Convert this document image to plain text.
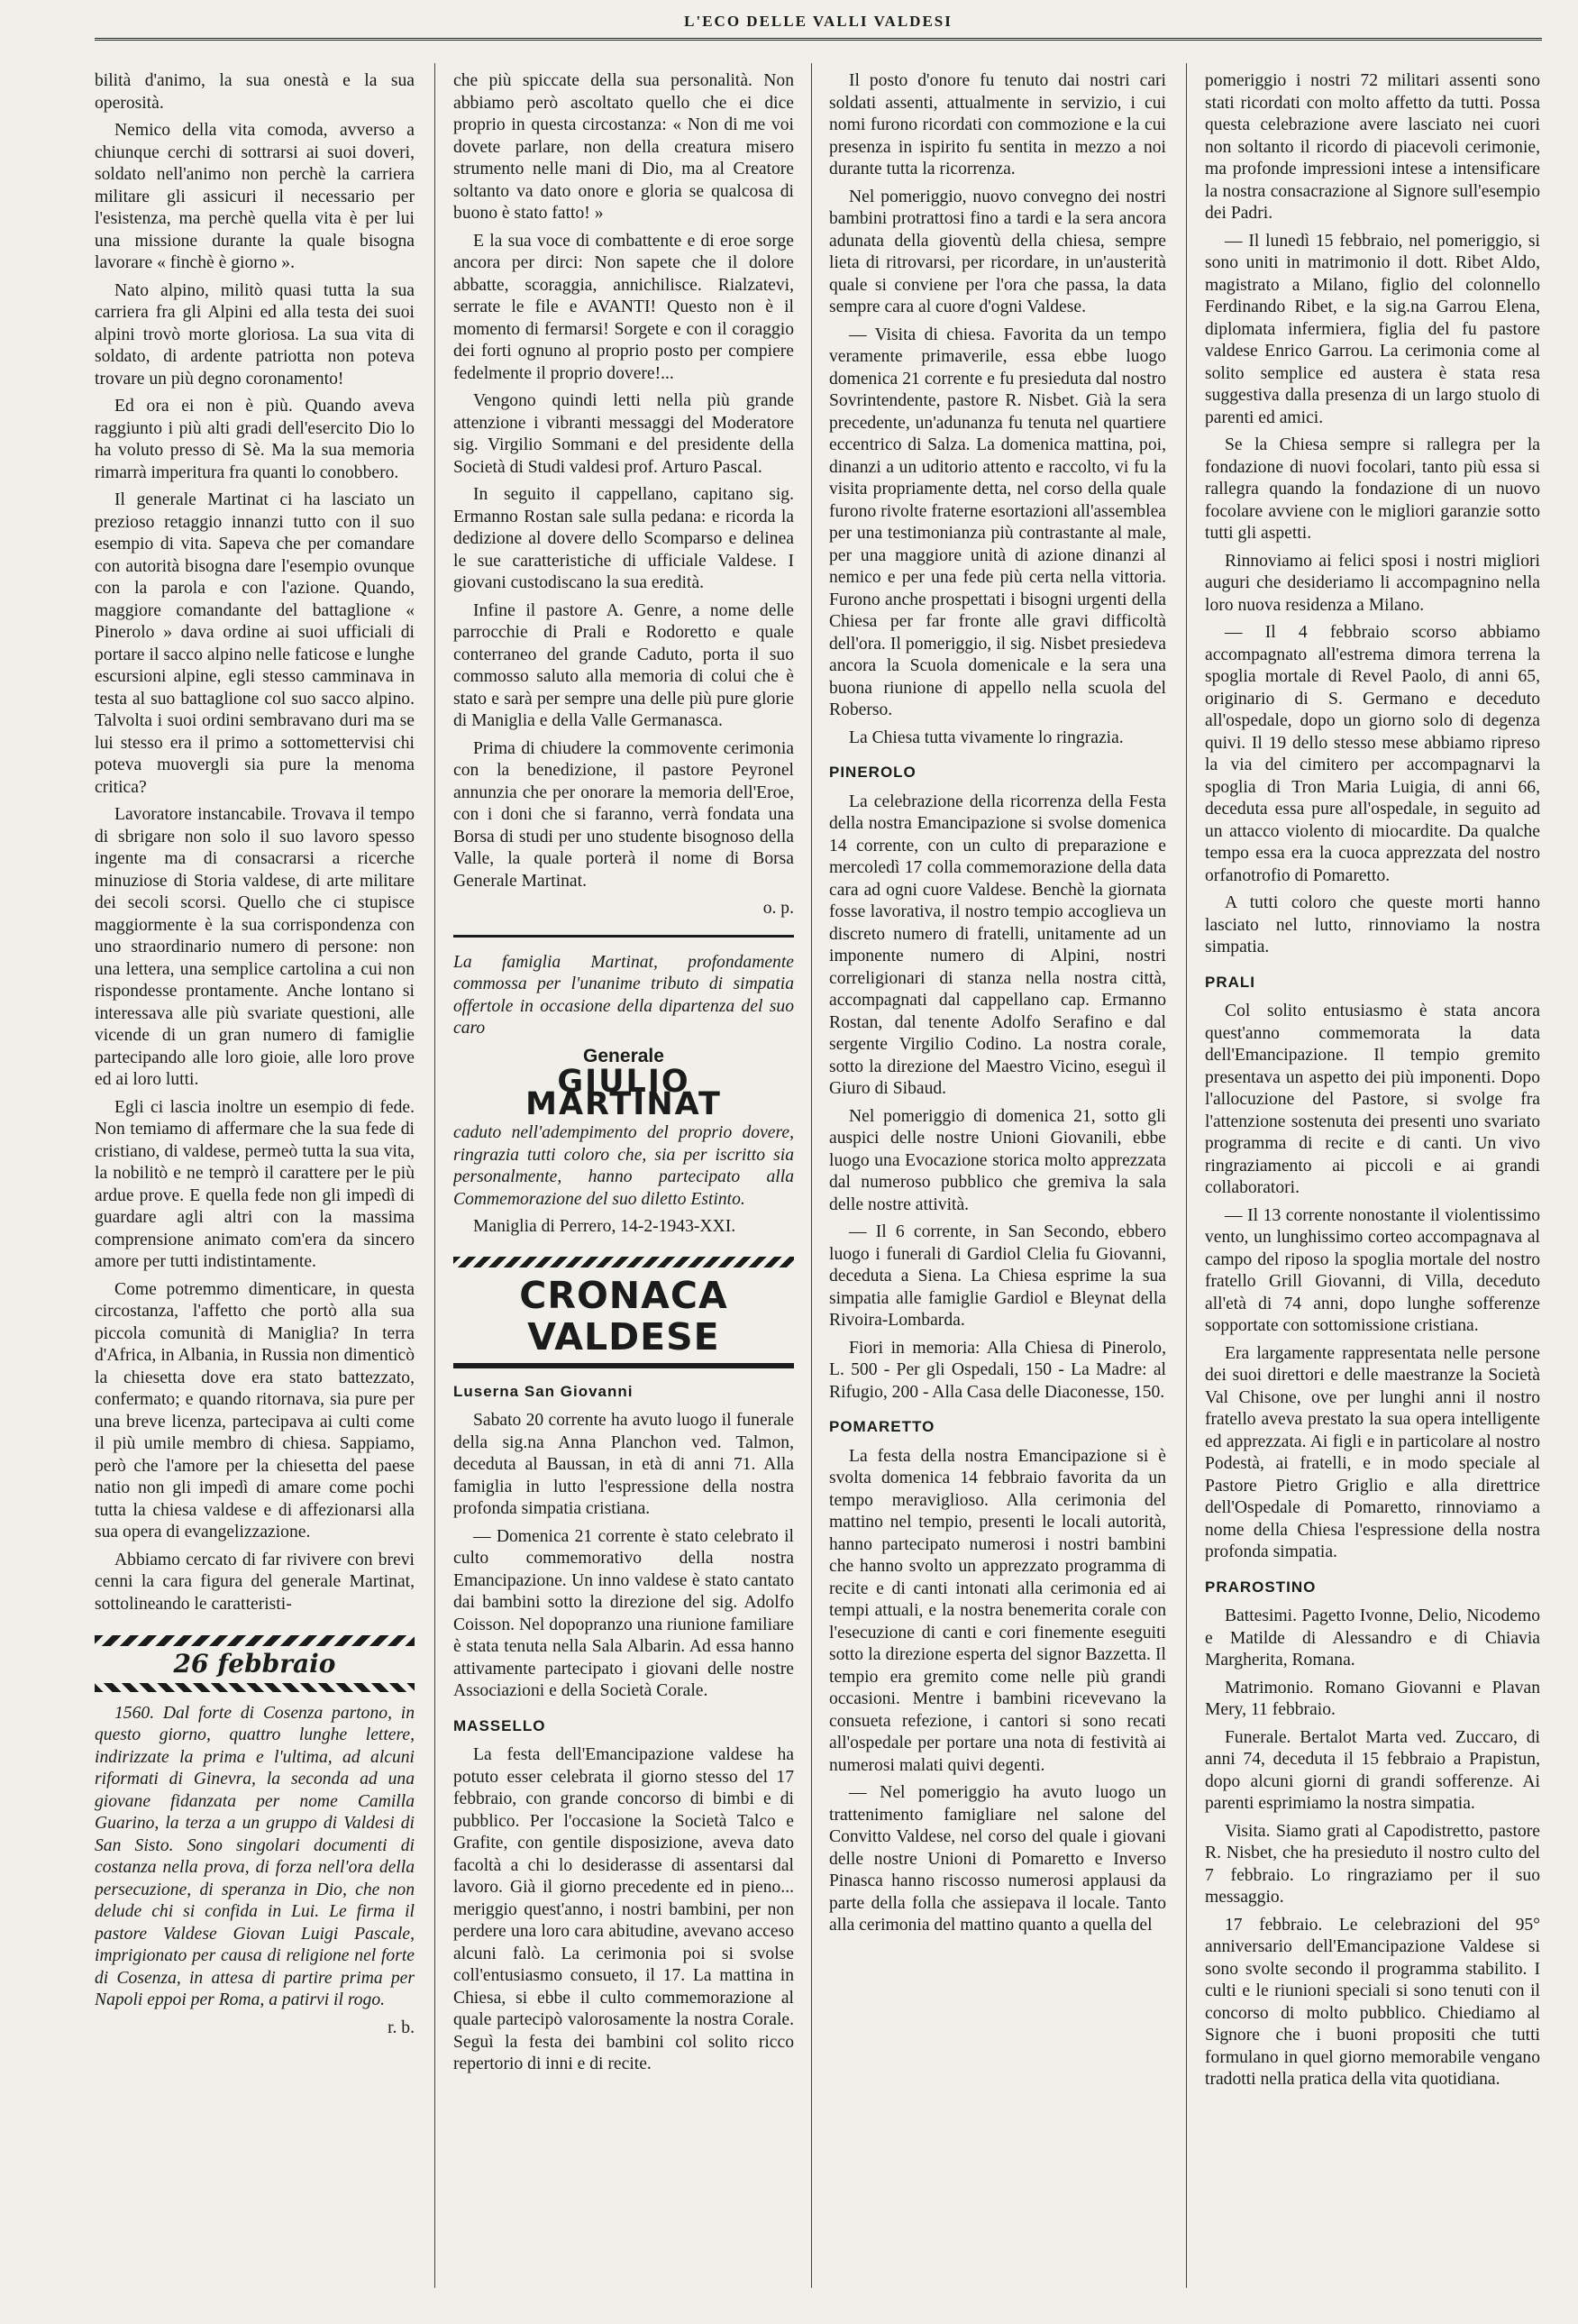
L'ECO DELLE VALLI VALDESI

bilità d'animo, la sua onestà e la sua operosità.

Nemico della vita comoda, avverso a chiunque cerchi di sottrarsi ai suoi doveri, soldato nell'animo non perchè la carriera militare gli assicuri il necessario per l'esistenza, ma perchè quella vita è per lui una missione durante la quale bisogna lavorare « finchè è giorno ».

Nato alpino, militò quasi tutta la sua carriera fra gli Alpini ed alla testa dei suoi alpini trovò morte gloriosa. La sua vita di soldato, di ardente patriotta non poteva trovare un più degno coronamento!

Ed ora ei non è più. Quando aveva raggiunto i più alti gradi dell'esercito Dio lo ha voluto presso di Sè. Ma la sua memoria rimarrà imperitura fra quanti lo conobbero.

Il generale Martinat ci ha lasciato un prezioso retaggio innanzi tutto con il suo esempio di vita. Sapeva che per comandare con autorità bisogna dare l'esempio ovunque con la parola e con l'azione. Quando, maggiore comandante del battaglione « Pinerolo » dava ordine ai suoi ufficiali di portare il sacco alpino nelle faticose e lunghe escursioni alpine, egli stesso camminava in testa al suo battaglione col suo sacco alpino. Talvolta i suoi ordini sembravano duri ma se lui stesso era il primo a sottomettervisi chi poteva muovergli sia pure la menoma critica?

Lavoratore instancabile. Trovava il tempo di sbrigare non solo il suo lavoro spesso ingente ma di consacrarsi a ricerche minuziose di Storia valdese, di arte militare dei secoli scorsi. Quello che ci stupisce maggiormente è la sua corrispondenza con uno straordinario numero di persone: non una lettera, una semplice cartolina a cui non rispondesse prontamente. Anche lontano si interessava alle più svariate questioni, alle vicende di un gran numero di famiglie partecipando alle loro gioie, alle loro prove ed ai loro lutti.

Egli ci lascia inoltre un esempio di fede. Non temiamo di affermare che la sua fede di cristiano, di valdese, permeò tutta la sua vita, la nobilitò e ne temprò il carattere per le più ardue prove. E quella fede non gli impedì di guardare agli altri con la massima comprensione animato com'era da sincero amore per tutti indistintamente.

Come potremmo dimenticare, in questa circostanza, l'affetto che portò alla sua piccola comunità di Maniglia? In terra d'Africa, in Albania, in Russia non dimenticò la chiesetta dove era stato battezzato, confermato; e quando ritornava, sia pure per una breve licenza, partecipava ai culti come il più umile membro di chiesa. Sappiamo, però che l'amore per la chiesetta del paese natio non gli impedì di amare come pochi tutta la chiesa valdese e di affezionarsi alla sua opera di evangelizzazione.

Abbiamo cercato di far rivivere con brevi cenni la cara figura del generale Martinat, sottolineando le caratteristi-

26 febbraio

1560. Dal forte di Cosenza partono, in questo giorno, quattro lunghe lettere, indirizzate la prima e l'ultima, ad alcuni riformati di Ginevra, la seconda ad una giovane fidanzata per nome Camilla Guarino, la terza a un gruppo di Valdesi di San Sisto. Sono singolari documenti di costanza nella prova, di forza nell'ora della persecuzione, di speranza in Dio, che non delude chi si confida in Lui. Le firma il pastore Valdese Giovan Luigi Pascale, imprigionato per causa di religione nel forte di Cosenza, in attesa di partire prima per Napoli eppoi per Roma, a patirvi il rogo.

r. b.

che più spiccate della sua personalità. Non abbiamo però ascoltato quello che ei dice proprio in questa circostanza: « Non di me voi dovete parlare, non della creatura misero strumento nelle mani di Dio, ma al Creatore soltanto va dato onore e gloria se qualcosa di buono è stato fatto! »

E la sua voce di combattente e di eroe sorge ancora per dirci: Non sapete che il dolore abbatte, scoraggia, annichilisce. Rialzatevi, serrate le file e AVANTI! Questo non è il momento di fermarsi! Sorgete e con il coraggio dei forti ognuno al proprio posto per compiere fedelmente il proprio dovere!...

Vengono quindi letti nella più grande attenzione i vibranti messaggi del Moderatore sig. Virgilio Sommani e del presidente della Società di Studi valdesi prof. Arturo Pascal.

In seguito il cappellano, capitano sig. Ermanno Rostan sale sulla pedana: e ricorda la dedizione al dovere dello Scomparso e delinea le sue caratteristiche di ufficiale Valdese. I giovani custodiscano la sua eredità.

Infine il pastore A. Genre, a nome delle parrocchie di Prali e Rodoretto e quale conterraneo del grande Caduto, porta il suo commosso saluto alla memoria di colui che è stato e sarà per sempre una delle più pure glorie di Maniglia e della Valle Germanasca.

Prima di chiudere la commovente cerimonia con la benedizione, il pastore Peyronel annunzia che per onorare la memoria dell'Eroe, con i doni che si faranno, verrà fondata una Borsa di studi per uno studente bisognoso della Valle, la quale porterà il nome di Borsa Generale Martinat.

o. p.

La famiglia Martinat, profondamente commossa per l'unanime tributo di simpatia offertole in occasione della dipartenza del suo caro

Generale
GIULIO MARTINAT

caduto nell'adempimento del proprio dovere, ringrazia tutti coloro che, sia per iscritto sia personalmente, hanno partecipato alla Commemorazione del suo diletto Estinto.

Maniglia di Perrero, 14-2-1943-XXI.

CRONACA VALDESE
Luserna San Giovanni

Sabato 20 corrente ha avuto luogo il funerale della sig.na Anna Planchon ved. Talmon, deceduta al Baussan, in età di anni 71. Alla famiglia in lutto l'espressione della nostra profonda simpatia cristiana.

— Domenica 21 corrente è stato celebrato il culto commemorativo della nostra Emancipazione. Un inno valdese è stato cantato dai bambini sotto la direzione del sig. Adolfo Coisson. Nel dopopranzo una riunione familiare è stata tenuta nella Sala Albarin. Ad essa hanno attivamente partecipato i giovani delle nostre Associazioni e della Società Corale.

MASSELLO

La festa dell'Emancipazione valdese ha potuto esser celebrata il giorno stesso del 17 febbraio, con grande concorso di bimbi e di pubblico. Per l'occasione la Società Talco e Grafite, con gentile disposizione, aveva dato facoltà a chi lo desiderasse di assentarsi dal lavoro. Già il giorno precedente ed in pieno... meriggio quest'anno, i nostri bambini, per non perdere una loro cara abitudine, avevano acceso alcuni falò. La cerimonia poi si svolse coll'entusiasmo consueto, il 17. La mattina in Chiesa, si ebbe il culto commemorazione al quale partecipò valorosamente la nostra Corale. Seguì la festa dei bambini col solito ricco repertorio di inni e di recite.

Il posto d'onore fu tenuto dai nostri cari soldati assenti, attualmente in servizio, i cui nomi furono ricordati con commozione e la cui presenza in ispirito fu sentita in mezzo a noi durante tutta la ricorrenza.

Nel pomeriggio, nuovo convegno dei nostri bambini protrattosi fino a tardi e la sera ancora adunata della gioventù della chiesa, sempre lieta di ritrovarsi, per ricordare, in un'austerità quale si conviene per l'ora che passa, la data sempre cara al cuore d'ogni Valdese.

— Visita di chiesa. Favorita da un tempo veramente primaverile, essa ebbe luogo domenica 21 corrente e fu presieduta dal nostro Sovrintendente, pastore R. Nisbet. Già la sera precedente, un'adunanza fu tenuta nel quartiere eccentrico di Salza. La domenica mattina, poi, dinanzi a un uditorio attento e raccolto, vi fu la visita propriamente detta, nel corso della quale furono rivolte fraterne esortazioni all'assemblea per una testimonianza più contrastante al male, per una maggiore unità di azione dinanzi al nemico e per una fede più certa nella vittoria. Furono anche prospettati i bisogni urgenti della Chiesa per far fronte alle gravi difficoltà dell'ora. Il pomeriggio, il sig. Nisbet presiedeva ancora la Scuola domenicale e la sera una buona riunione di appello nella scuola del Roberso.

La Chiesa tutta vivamente lo ringrazia.

PINEROLO

La celebrazione della ricorrenza della Festa della nostra Emancipazione si svolse domenica 14 corrente, con un culto di preparazione e mercoledì 17 colla commemorazione della data cara ad ogni cuore Valdese. Benchè la giornata fosse lavorativa, il nostro tempio accoglieva un discreto numero di fratelli, unitamente ad un imponente numero di Alpini, nostri correligionari di stanza nella nostra città, accompagnati dal cappellano cap. Ermanno Rostan, dal tenente Adolfo Serafino e dal sergente Virgilio Codino. La nostra corale, sotto la direzione del Maestro Vicino, eseguì il Giuro di Sibaud.

Nel pomeriggio di domenica 21, sotto gli auspici delle nostre Unioni Giovanili, ebbe luogo una Evocazione storica molto apprezzata dal numeroso pubblico che gremiva la sala delle nostre attività.

— Il 6 corrente, in San Secondo, ebbero luogo i funerali di Gardiol Clelia fu Giovanni, deceduta a Siena. La Chiesa esprime la sua simpatia alle famiglie Gardiol e Bleynat della Rivoira-Lombarda.

Fiori in memoria: Alla Chiesa di Pinerolo, L. 500 - Per gli Ospedali, 150 - La Madre: al Rifugio, 200 - Alla Casa delle Diaconesse, 150.

POMARETTO

La festa della nostra Emancipazione si è svolta domenica 14 febbraio favorita da un tempo meraviglioso. Alla cerimonia del mattino nel tempio, presenti le locali autorità, hanno partecipato numerosi i nostri bambini che hanno svolto un apprezzato programma di recite e di canti intonati alla cerimonia ed ai tempi attuali, e la nostra benemerita corale con l'esecuzione di canti e cori finemente eseguiti sotto la direzione esperta del signor Bazzetta. Il tempio era gremito come nelle più grandi occasioni. Mentre i bambini ricevevano la consueta refezione, i cantori si sono recati all'ospedale per portare una nota di festività ai numerosi malati quivi degenti.

— Nel pomeriggio ha avuto luogo un trattenimento famigliare nel salone del Convitto Valdese, nel corso del quale i giovani delle nostre Unioni di Pomaretto e Inverso Pinasca hanno riscosso numerosi applausi da parte della folla che assiepava il locale. Tanto alla cerimonia del mattino quanto a quella del

pomeriggio i nostri 72 militari assenti sono stati ricordati con molto affetto da tutti. Possa questa celebrazione avere lasciato nei cuori non soltanto il ricordo di piacevoli cerimonie, ma profonde impressioni intese a intensificare la nostra consacrazione al Signore sull'esempio dei Padri.

— Il lunedì 15 febbraio, nel pomeriggio, si sono uniti in matrimonio il dott. Ribet Aldo, magistrato a Milano, figlio del colonnello Ferdinando Ribet, e la sig.na Garrou Elena, diplomata infermiera, figlia del fu pastore valdese Enrico Garrou. La cerimonia come al solito semplice ed austera è stata resa suggestiva dalla presenza di un largo stuolo di parenti ed amici.

Se la Chiesa sempre si rallegra per la fondazione di nuovi focolari, tanto più essa si rallegra quando la fondazione di un nuovo focolare avviene con le migliori garanzie sotto tutti gli aspetti.

Rinnoviamo ai felici sposi i nostri migliori auguri che desideriamo li accompagnino nella loro nuova residenza a Milano.

— Il 4 febbraio scorso abbiamo accompagnato all'estrema dimora terrena la spoglia mortale di Revel Paolo, di anni 65, originario di S. Germano e deceduto all'ospedale, dopo un giorno solo di degenza quivi. Il 19 dello stesso mese abbiamo ripreso la via del cimitero per accompagnarvi la spoglia di Tron Maria Luigia, di anni 66, deceduta essa pure all'ospedale, in seguito ad un attacco violento di miocardite. Da qualche tempo essa era la cuoca apprezzata del nostro orfanotrofio di Pomaretto.

A tutti coloro che queste morti hanno lasciato nel lutto, rinnoviamo la nostra simpatia.

PRALI

Col solito entusiasmo è stata ancora quest'anno commemorata la data dell'Emancipazione. Il tempio gremito presentava un aspetto dei più imponenti. Dopo l'allocuzione del Pastore, si svolge fra l'attenzione sostenuta dei presenti uno svariato programma di recite e di canti. Un vivo ringraziamento ai piccoli e ai grandi collaboratori.

— Il 13 corrente nonostante il violentissimo vento, un lunghissimo corteo accompagnava al campo del riposo la spoglia mortale del nostro fratello Grill Giovanni, di Villa, deceduto all'età di 74 anni, dopo lunghe sofferenze sopportate con sottomissione cristiana.

Era largamente rappresentata nelle persone dei suoi direttori e delle maestranze la Società Val Chisone, ove per lunghi anni il nostro fratello aveva prestato la sua opera intelligente ed apprezzata. Ai figli e in particolare al nostro Podestà, ai fratelli, e in modo speciale al Pastore Pietro Griglio e alla direttrice dell'Ospedale di Pomaretto, rinnoviamo a nome della Chiesa l'espressione della nostra profonda simpatia.

PRAROSTINO

Battesimi. Pagetto Ivonne, Delio, Nicodemo e Matilde di Alessandro e di Chiavia Margherita, Romana.

Matrimonio. Romano Giovanni e Plavan Mery, 11 febbraio.

Funerale. Bertalot Marta ved. Zuccaro, di anni 74, deceduta il 15 febbraio a Prapistun, dopo alcuni giorni di grandi sofferenze. Ai parenti esprimiamo la nostra simpatia.

Visita. Siamo grati al Capodistretto, pastore R. Nisbet, che ha presieduto il nostro culto del 7 febbraio. Lo ringraziamo per il suo messaggio.

17 febbraio. Le celebrazioni del 95° anniversario dell'Emancipazione Valdese si sono svolte secondo il programma stabilito. I culti e le riunioni speciali si sono tenuti con il concorso di molto pubblico. Chiediamo al Signore che i buoni propositi che tutti formulano in quel giorno memorabile vengano tradotti nella pratica della vita quotidiana.
